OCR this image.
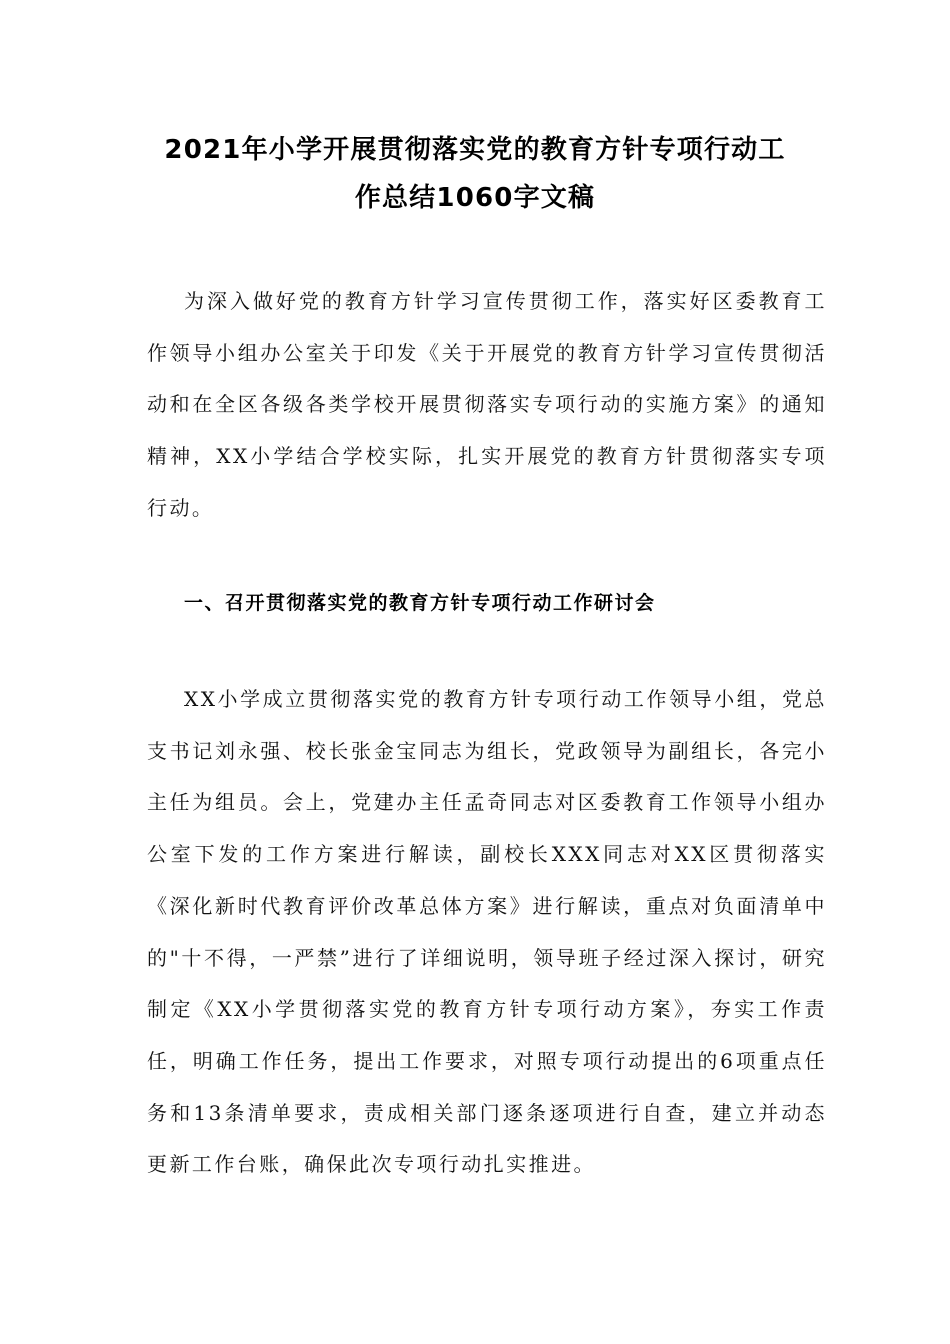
2021年小学开展贯彻落实党的教育方针专项行动工
作总结1060字文稿

为深入做好党的教育方针学习宣传贯彻工作，落实好区委教育工作领导小组办公室关于印发《关于开展党的教育方针学习宣传贯彻活动和在全区各级各类学校开展贯彻落实专项行动的实施方案》的通知精神，XX小学结合学校实际，扎实开展党的教育方针贯彻落实专项行动。

一、召开贯彻落实党的教育方针专项行动工作研讨会

XX小学成立贯彻落实党的教育方针专项行动工作领导小组，党总支书记刘永强、校长张金宝同志为组长，党政领导为副组长，各完小主任为组员。会上，党建办主任孟奇同志对区委教育工作领导小组办公室下发的工作方案进行解读，副校长XXX同志对XX区贯彻落实《深化新时代教育评价改革总体方案》进行解读，重点对负面清单中的"十不得，一严禁”进行了详细说明，领导班子经过深入探讨，研究制定《XX小学贯彻落实党的教育方针专项行动方案》，夯实工作责任，明确工作任务，提出工作要求，对照专项行动提出的6项重点任务和13条清单要求，责成相关部门逐条逐项进行自查，建立并动态更新工作台账，确保此次专项行动扎实推进。
